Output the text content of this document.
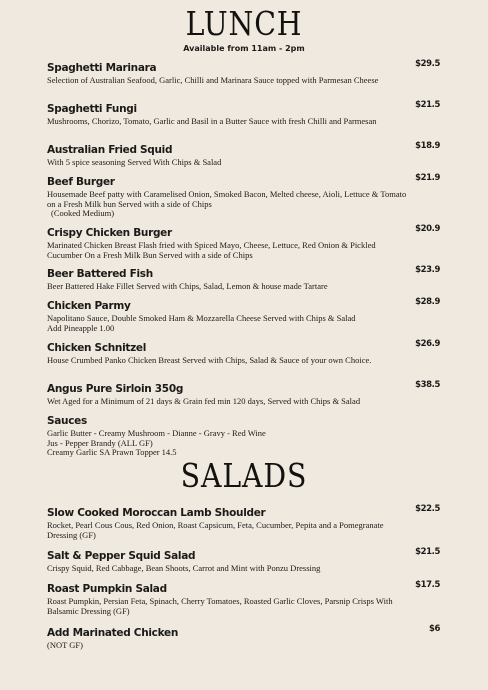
LUNCH
Available from 11am - 2pm
Spaghetti Marinara	$29.5
Selection of Australian Seafood, Garlic, Chilli and Marinara Sauce topped with Parmesan Cheese
Spaghetti Fungi	$21.5
Mushrooms, Chorizo, Tomato, Garlic and Basil in a Butter Sauce with fresh Chilli and Parmesan
Australian Fried Squid	$18.9
With 5 spice seasoning Served With Chips & Salad
Beef Burger	$21.9
Housemade Beef patty with Caramelised Onion, Smoked Bacon, Melted cheese, Aioli, Lettuce & Tomato on a Fresh Milk bun Served with a side of Chips
(Cooked Medium)
Crispy Chicken Burger	$20.9
Marinated Chicken Breast Flash fried with Spiced Mayo, Cheese, Lettuce, Red Onion & Pickled Cucumber On a Fresh Milk Bun Served with a side of Chips
Beer Battered Fish	$23.9
Beer Battered Hake Fillet Served with Chips, Salad, Lemon & house made Tartare
Chicken Parmy	$28.9
Napolitano Sauce, Double Smoked Ham & Mozzarella Cheese Served with Chips & Salad
Add Pineapple 1.00
Chicken Schnitzel	$26.9
House Crumbed Panko Chicken Breast Served with Chips, Salad & Sauce of your own Choice.
Angus Pure Sirloin 350g	$38.5
Wet Aged for a Minimum of 21 days & Grain fed min 120 days, Served with Chips & Salad
Sauces
Garlic Butter - Creamy Mushroom - Dianne - Gravy - Red Wine Jus - Pepper Brandy (ALL GF)
Creamy Garlic SA Prawn Topper 14.5
SALADS
Slow Cooked Moroccan Lamb Shoulder	$22.5
Rocket, Pearl Cous Cous, Red Onion, Roast Capsicum, Feta, Cucumber, Pepita and a Pomegranate Dressing (GF)
Salt & Pepper Squid Salad	$21.5
Crispy Squid, Red Cabbage, Bean Shoots, Carrot and Mint with Ponzu Dressing
Roast Pumpkin Salad	$17.5
Roast Pumpkin, Persian Feta, Spinach, Cherry Tomatoes, Roasted Garlic Cloves, Parsnip Crisps With Balsamic Dressing (GF)
Add Marinated Chicken	$6
(NOT GF)
